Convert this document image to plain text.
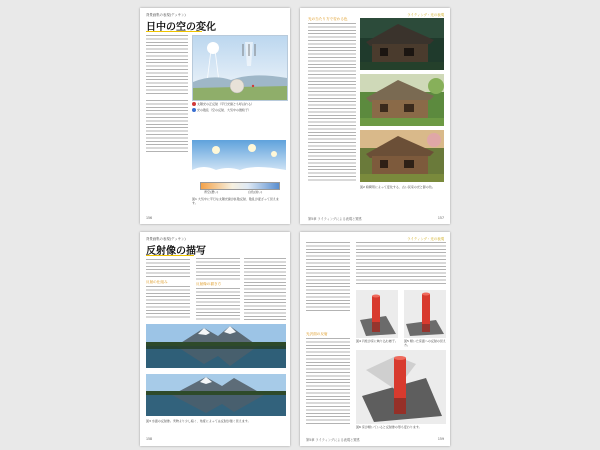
背景画集の表現(デッサン)
日中の空の変化
太陽光の正反射（平行光線とも呼ばれる）
光の散乱（空の反射、大気中の微粒子）
青空(濃い)	白色(淡い)
図1 大気中に平行な太陽光線が拡散反射、散乱が混ざって見えます。
156
ライティング・光の表現
光の当たり方で変わる色
図2 時間帯によって変化する、古い民家の光と影の色。
第5章 ライティングによる表現と質感	157
背景画集の表現(デッサン)
反射像の描写
反射の仕組み	反射像の描き方
図3 水面の反射像。実物より少し暗く、角度によっては反射が強く見えます。
158
ライティング・光の表現
光沢面の反射
図4 円柱が床に映り込む様子。 図5 傾いた床面への反射の見え方。
図6 床が傾いていると反射像の形も変わります。
第5章 ライティングによる表現と質感	159
